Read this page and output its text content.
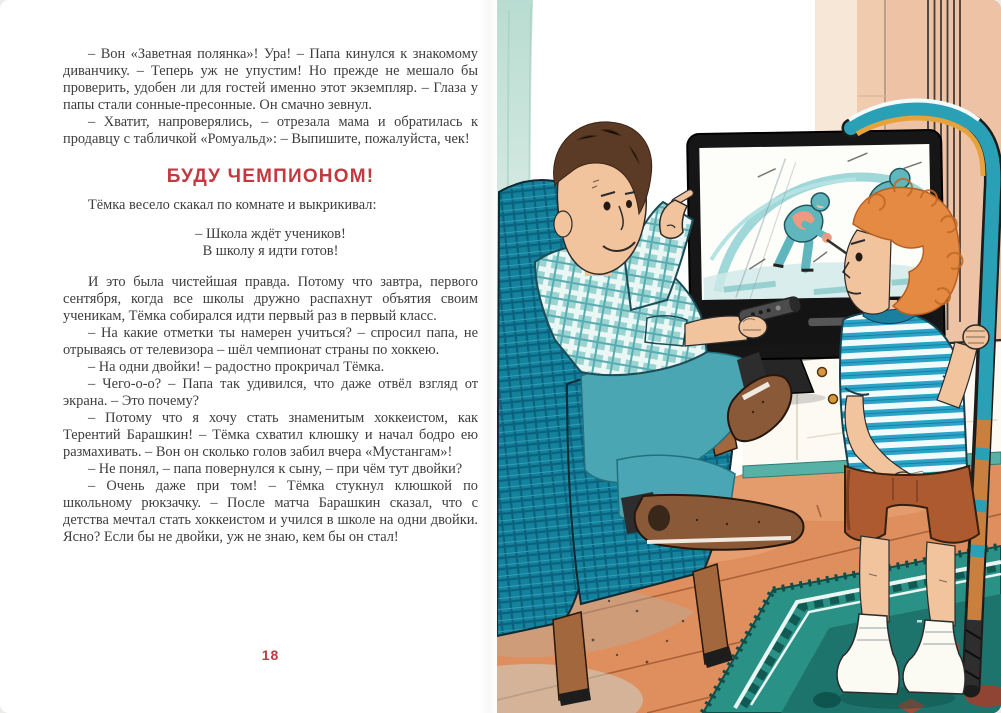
– Вон «Заветная полянка»! Ура! – Папа кинулся к знакомому диванчику. – Теперь уж не упустим! Но прежде не мешало бы проверить, удобен ли для гостей именно этот экземпляр. – Глаза у папы стали сонные-пресонные. Он смачно зевнул.

– Хватит, напроверялись, – отрезала мама и обратилась к продавцу с табличкой «Ромуальд»: – Выпишите, пожалуйста, чек!

БУДУ ЧЕМПИОНОМ!

Тёмка весело скакал по комнате и выкрикивал:

– Школа ждёт учеников!
В школу я идти готов!

И это была чистейшая правда. Потому что завтра, первого сентября, когда все школы дружно распахнут объятия своим ученикам, Тёмка собирался идти первый раз в первый класс.

– На какие отметки ты намерен учиться? – спросил папа, не отрываясь от телевизора – шёл чемпионат страны по хоккею.

– На одни двойки! – радостно прокричал Тёмка.

– Чего-о-о? – Папа так удивился, что даже отвёл взгляд от экрана. – Это почему?

– Потому что я хочу стать знаменитым хоккеистом, как Терентий Барашкин! – Тёмка схватил клюшку и начал бодро ею размахивать. – Вон он сколько голов забил вчера «Мустангам»!

– Не понял, – папа повернулся к сыну, – при чём тут двойки?

– Очень даже при том! – Тёмка стукнул клюшкой по школьному рюкзачку. – После матча Барашкин сказал, что с детства мечтал стать хоккеистом и учился в школе на одни двойки. Ясно? Если бы не двойки, уж не знаю, кем бы он стал!

18
